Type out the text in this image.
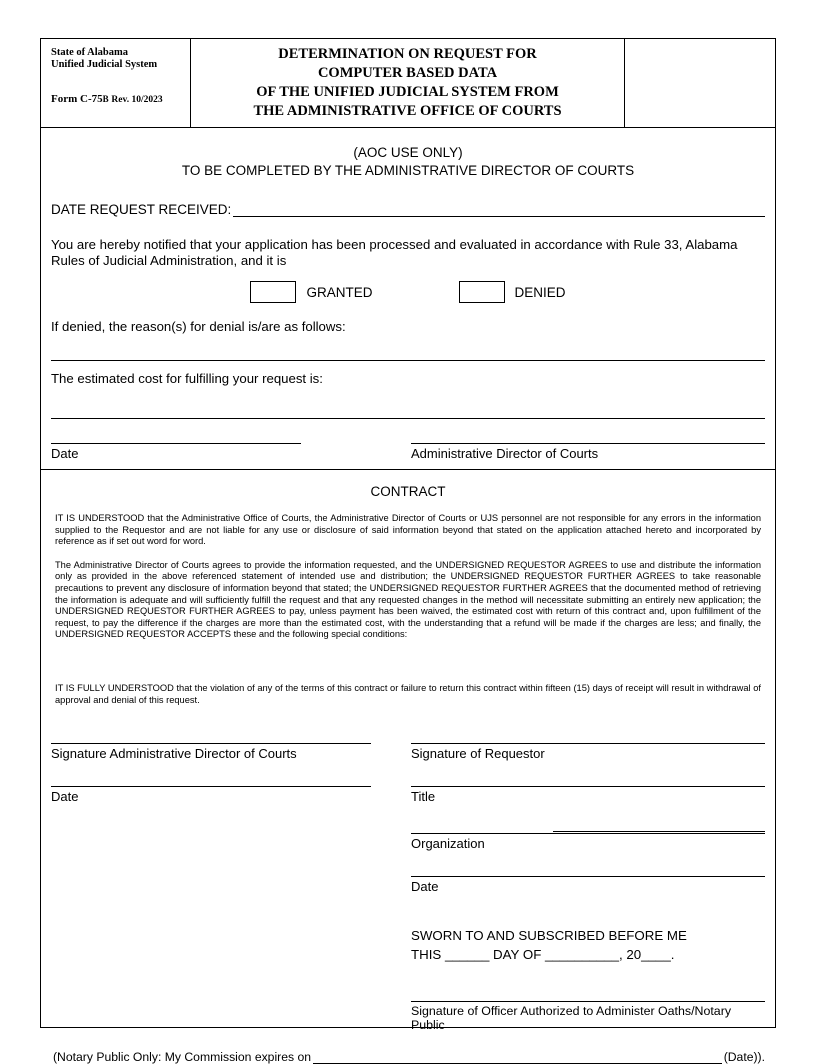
State of Alabama
Unified Judicial System
Form C-75B Rev. 10/2023
DETERMINATION ON REQUEST FOR
COMPUTER BASED DATA
OF THE UNIFIED JUDICIAL SYSTEM FROM
THE ADMINISTRATIVE OFFICE OF COURTS
(AOC USE ONLY)
TO BE COMPLETED BY THE ADMINISTRATIVE DIRECTOR OF COURTS
DATE REQUEST RECEIVED:
You are hereby notified that your application has been processed and evaluated in accordance with Rule 33, Alabama Rules of Judicial Administration, and it is
GRANTED	DENIED
If denied, the reason(s) for denial is/are as follows:
The estimated cost for fulfilling your request is:
Date	Administrative Director of Courts
CONTRACT
IT IS UNDERSTOOD that the Administrative Office of Courts, the Administrative Director of Courts or UJS personnel are not responsible for any errors in the information supplied to the Requestor and are not liable for any use or disclosure of said information beyond that stated on the application attached hereto and incorporated by reference as if set out word for word.
The Administrative Director of Courts agrees to provide the information requested, and the UNDERSIGNED REQUESTOR AGREES to use and distribute the information only as provided in the above referenced statement of intended use and distribution; the UNDERSIGNED REQUESTOR FURTHER AGREES to take reasonable precautions to prevent any disclosure of information beyond that stated; the UNDERSIGNED REQUESTOR FURTHER AGREES that the documented method of retrieving the information is adequate and will sufficiently fulfill the request and that any requested changes in the method will necessitate submitting an entirely new application; the UNDERSIGNED REQUESTOR FURTHER AGREES to pay, unless payment has been waived, the estimated cost with return of this contract and, upon fulfillment of the request, to pay the difference if the charges are more than the estimated cost, with the understanding that a refund will be made if the charges are less; and finally, the UNDERSIGNED REQUESTOR ACCEPTS these and the following special conditions:
IT IS FULLY UNDERSTOOD that the violation of any of the terms of this contract or failure to return this contract within fifteen (15) days of receipt will result in withdrawal of approval and denial of this request.
Signature Administrative Director of Courts
Date
Signature of Requestor
Title
Organization
Date
SWORN TO AND SUBSCRIBED BEFORE ME
THIS ______ DAY OF __________, 20____.
Signature of Officer Authorized to Administer Oaths/Notary Public
(Notary Public Only: My Commission expires on	(Date)).
